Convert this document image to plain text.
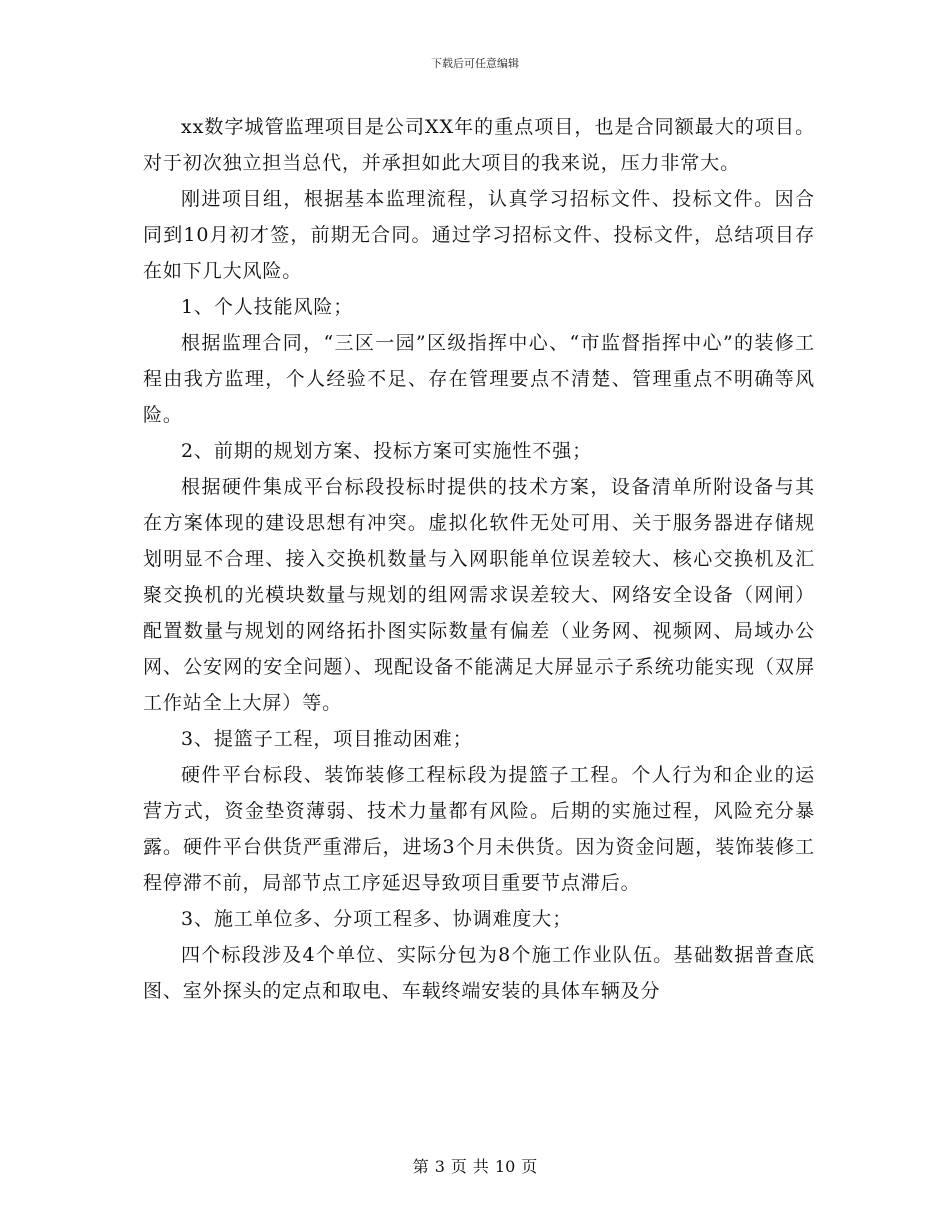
下载后可任意编辑

xx数字城管监理项目是公司XX年的重点项目，也是合同额最大的项目。对于初次独立担当总代，并承担如此大项目的我来说，压力非常大。

刚进项目组，根据基本监理流程，认真学习招标文件、投标文件。因合同到10月初才签，前期无合同。通过学习招标文件、投标文件，总结项目存在如下几大风险。

1、个人技能风险；

根据监理合同，“三区一园”区级指挥中心、“市监督指挥中心”的装修工程由我方监理，个人经验不足、存在管理要点不清楚、管理重点不明确等风险。

2、前期的规划方案、投标方案可实施性不强；

根据硬件集成平台标段投标时提供的技术方案，设备清单所附设备与其在方案体现的建设思想有冲突。虚拟化软件无处可用、关于服务器进存储规划明显不合理、接入交换机数量与入网职能单位误差较大、核心交换机及汇聚交换机的光模块数量与规划的组网需求误差较大、网络安全设备（网闸）配置数量与规划的网络拓扑图实际数量有偏差（业务网、视频网、局域办公网、公安网的安全问题）、现配设备不能满足大屏显示子系统功能实现（双屏工作站全上大屏）等。

3、提篮子工程，项目推动困难；

硬件平台标段、装饰装修工程标段为提篮子工程。个人行为和企业的运营方式，资金垫资薄弱、技术力量都有风险。后期的实施过程，风险充分暴露。硬件平台供货严重滞后，进场3个月未供货。因为资金问题，装饰装修工程停滞不前，局部节点工序延迟导致项目重要节点滞后。

3、施工单位多、分项工程多、协调难度大；

四个标段涉及4个单位、实际分包为8个施工作业队伍。基础数据普查底图、室外探头的定点和取电、车载终端安装的具体车辆及分

第 3 页 共 10 页
